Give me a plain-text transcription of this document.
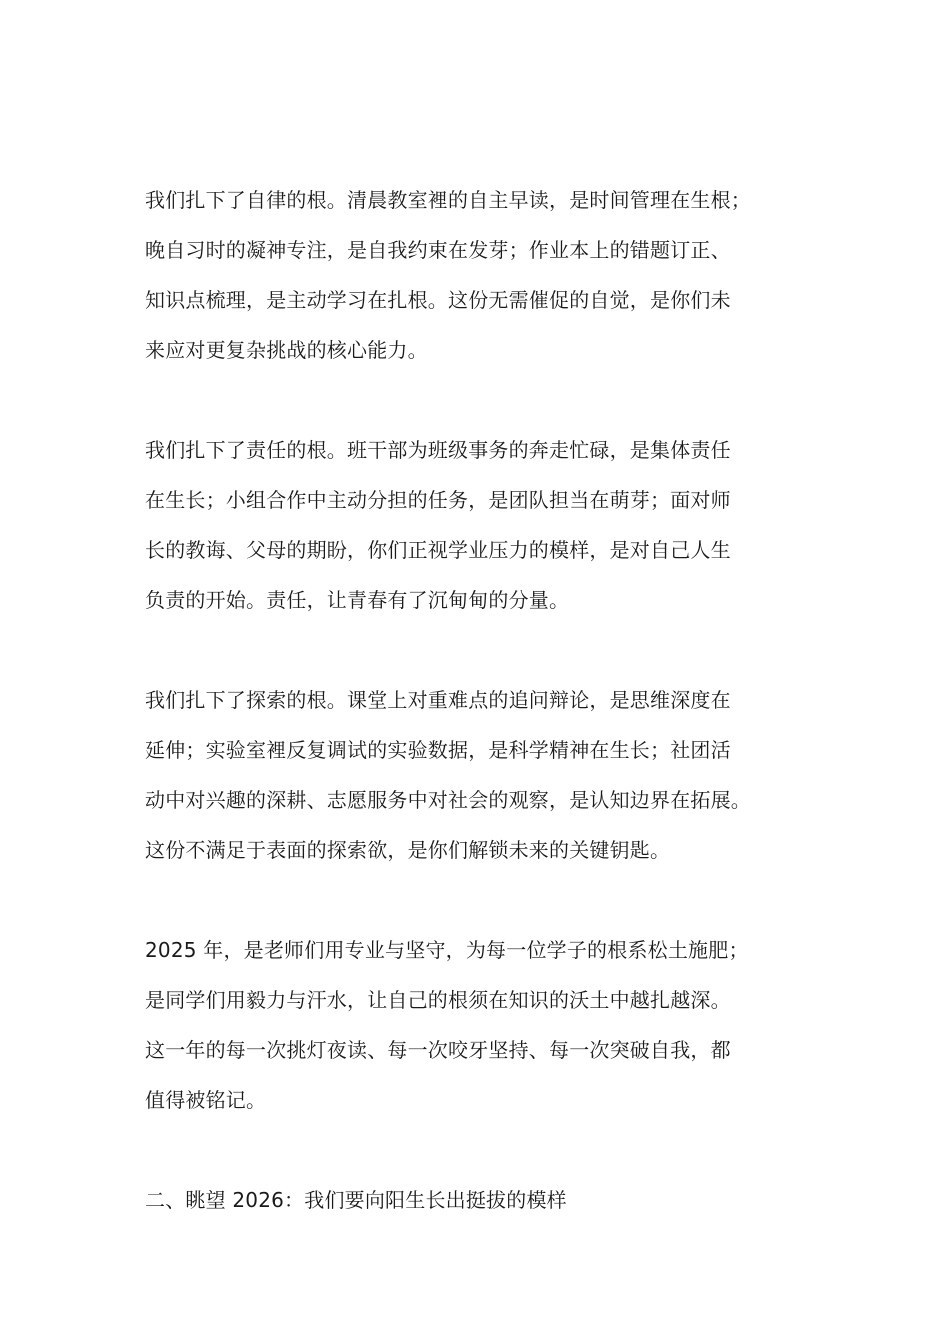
我们扎下了自律的根。清晨教室裡的自主早读，是时间管理在生根；
晚自习时的凝神专注，是自我约束在发芽；作业本上的错题订正、
知识点梳理，是主动学习在扎根。这份无需催促的自觉，是你们未
来应对更复杂挑战的核心能力。
我们扎下了责任的根。班干部为班级事务的奔走忙碌，是集体责任
在生长；小组合作中主动分担的任务，是团队担当在萌芽；面对师
长的教诲、父母的期盼，你们正视学业压力的模样，是对自己人生
负责的开始。责任，让青春有了沉甸甸的分量。
我们扎下了探索的根。课堂上对重难点的追问辩论，是思维深度在
延伸；实验室裡反复调试的实验数据，是科学精神在生长；社团活
动中对兴趣的深耕、志愿服务中对社会的观察，是认知边界在拓展。
这份不满足于表面的探索欲，是你们解锁未来的关键钥匙。
2025 年，是老师们用专业与坚守，为每一位学子的根系松土施肥；
是同学们用毅力与汗水，让自己的根须在知识的沃土中越扎越深。
这一年的每一次挑灯夜读、每一次咬牙坚持、每一次突破自我，都
值得被铭记。
二、眺望 2026：我们要向阳生长出挺拔的模样
